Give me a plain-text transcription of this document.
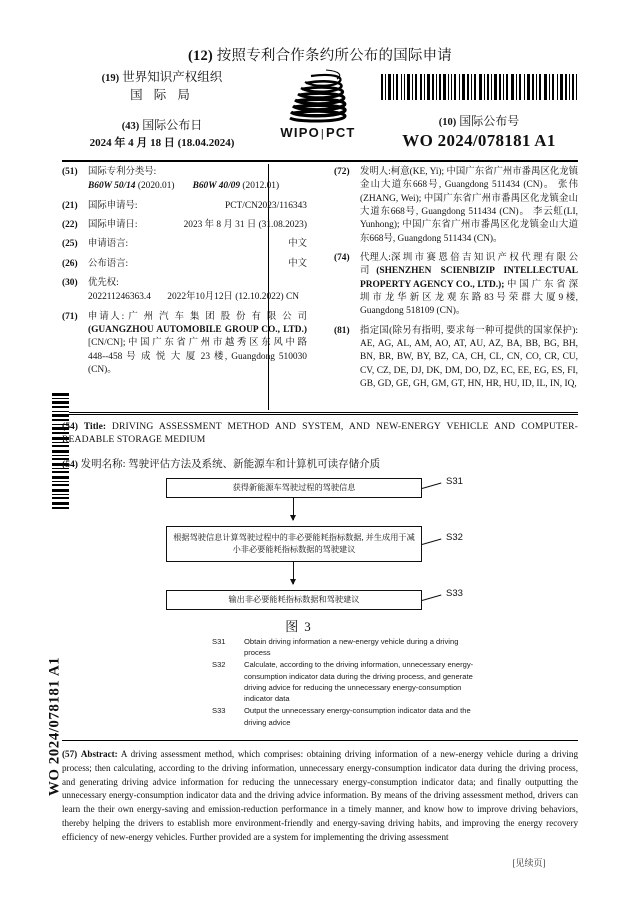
(12) 按照专利合作条约所公布的国际申请
(19) 世界知识产权组织
国 际 局
(43) 国际公布日
2024 年 4 月 18 日 (18.04.2024)
WIPO|PCT
(10) 国际公布号
WO 2024/078181 A1
(51) 国际专利分类号:
B60W 50/14 (2020.01) B60W 40/09 (2012.01)
(21) 国际申请号:	PCT/CN2023/116343
(22) 国际申请日:	2023 年 8 月 31 日 (31.08.2023)
(25) 申请语言:	中文
(26) 公布语言:	中文
(30) 优先权:
202211246363.4 2022年10月12日 (12.10.2022) CN
(71) 申请人: 广 州 汽 车 集 团 股 份 有 限 公 司 (GUANGZHOU AUTOMOBILE GROUP CO., LTD.) [CN/CN]; 中 国 广 东 省 广 州 市 越 秀 区 东 风 中 路 448--458 号 成 悦 大 厦 23 楼, Guangdong 510030 (CN)。
(72) 发明人:柯意(KE, Yi); 中国广东省广州市番禺区化龙镇金山大道东668号, Guangdong 511434 (CN)。 张伟(ZHANG, Wei); 中国广东省广州市番禺区化龙镇金山大道东668号, Guangdong 511434 (CN)。 李云虹(LI, Yunhong); 中国广东省广州市番禺区化龙镇金山大道东668号, Guangdong 511434 (CN)。
(74) 代理人:深 圳 市 赛 恩 倍 吉 知 识 产 权 代 理 有 限 公司(SHENZHEN SCIENBIZIP INTELLECTUAL PROPERTY AGENCY CO., LTD.); 中 国 广 东 省 深 圳 市 龙 华 新 区 龙 观 东 路 83 号 荣 群 大 厦 9 楼, Guangdong 518109 (CN)。
(81) 指定国(除另有指明, 要求每一种可提供的国家保护): AE, AG, AL, AM, AO, AT, AU, AZ, BA, BB, BG, BH, BN, BR, BW, BY, BZ, CA, CH, CL, CN, CO, CR, CU, CV, CZ, DE, DJ, DK, DM, DO, DZ, EC, EE, EG, ES, FI, GB, GD, GE, GH, GM, GT, HN, HR, HU, ID, IL, IN, IQ,
(54) Title: DRIVING ASSESSMENT METHOD AND SYSTEM, AND NEW-ENERGY VEHICLE AND COMPUTER-READABLE STORAGE MEDIUM
(54) 发明名称: 驾驶评估方法及系统、新能源车和计算机可读存储介质
获得新能源车驾驶过程的驾驶信息
根据驾驶信息计算驾驶过程中的非必要能耗指标数据, 并生成用于减小非必要能耗指标数据的驾驶建议
输出非必要能耗指标数据和驾驶建议
S31
S32
S33
图3
S31 Obtain driving information a new-energy vehicle during a driving process
S32 Calculate, according to the driving information, unnecessary energy-consumption indicator data during the driving process, and generate driving advice for reducing the unnecessary energy-consumption indicator data
S33 Output the unnecessary energy-consumption indicator data and the driving advice
(57) Abstract: A driving assessment method, which comprises: obtaining driving information of a new-energy vehicle during a driving process; then calculating, according to the driving information, unnecessary energy-consumption indicator data during the driving process, and generating driving advice information for reducing the unnecessary energy-consumption indicator data; and finally outputting the unnecessary energy-consumption indicator data and the driving advice information. By means of the driving assessment method, drivers can learn the their own energy-saving and emission-reduction performance in a timely manner, and know how to improve driving behaviors, thereby helping the drivers to establish more environment-friendly and energy-saving driving habits, and improving the energy recovery efficiency of new-energy vehicles. Further provided are a system for implementing the driving assessment
WO 2024/078181 A1
[见续页]
